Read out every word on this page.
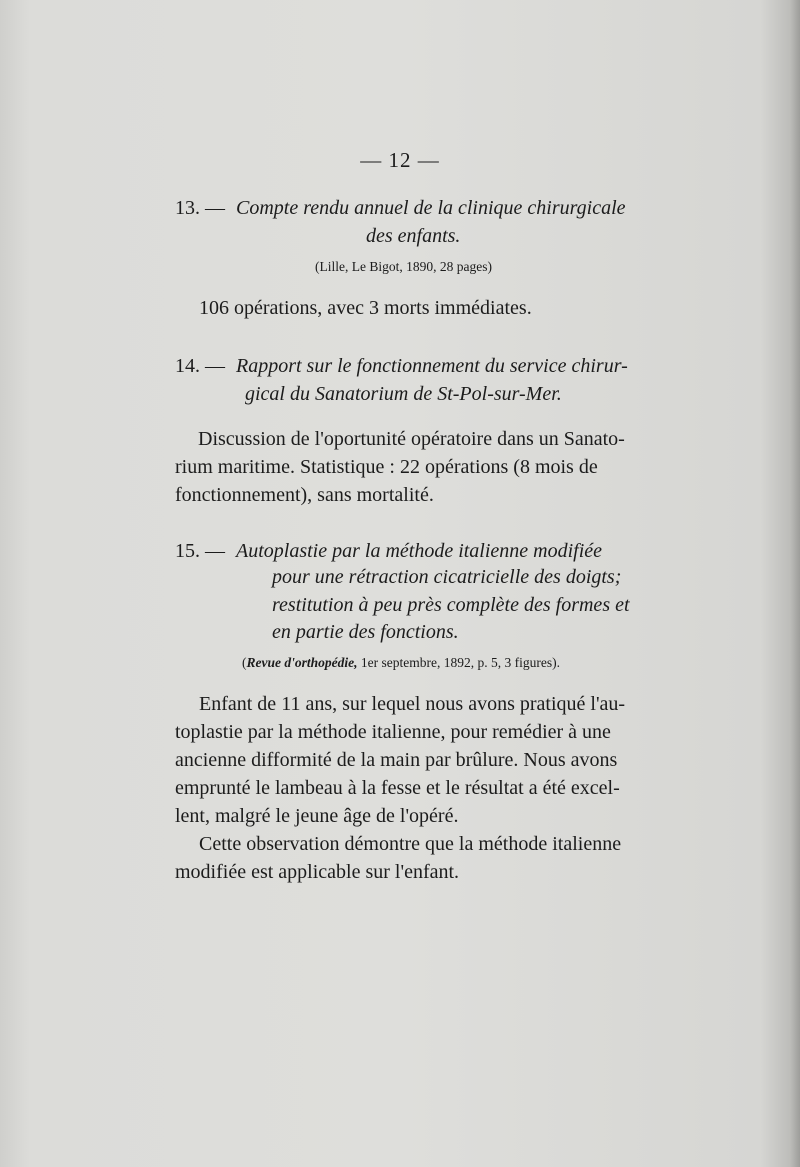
— 12 —
13. — Compte rendu annuel de la clinique chirurgicale
des enfants.
(Lille, Le Bigot, 1890, 28 pages)
106 opérations, avec 3 morts immédiates.
14. — Rapport sur le fonctionnement du service chirur-
gical du Sanatorium de St-Pol-sur-Mer.
Discussion de l'oportunité opératoire dans un Sanato-
rium maritime. Statistique : 22 opérations (8 mois de
fonctionnement), sans mortalité.
15. — Autoplastie par la méthode italienne modifiée
pour une rétraction cicatricielle des doigts;
restitution à peu près complète des formes et
en partie des fonctions.
(Revue d'orthopédie, 1er septembre, 1892, p. 5, 3 figures).
Enfant de 11 ans, sur lequel nous avons pratiqué l'au-
toplastie par la méthode italienne, pour remédier à une
ancienne difformité de la main par brûlure. Nous avons
emprunté le lambeau à la fesse et le résultat a été excel-
lent, malgré le jeune âge de l'opéré.
Cette observation démontre que la méthode italienne
modifiée est applicable sur l'enfant.
